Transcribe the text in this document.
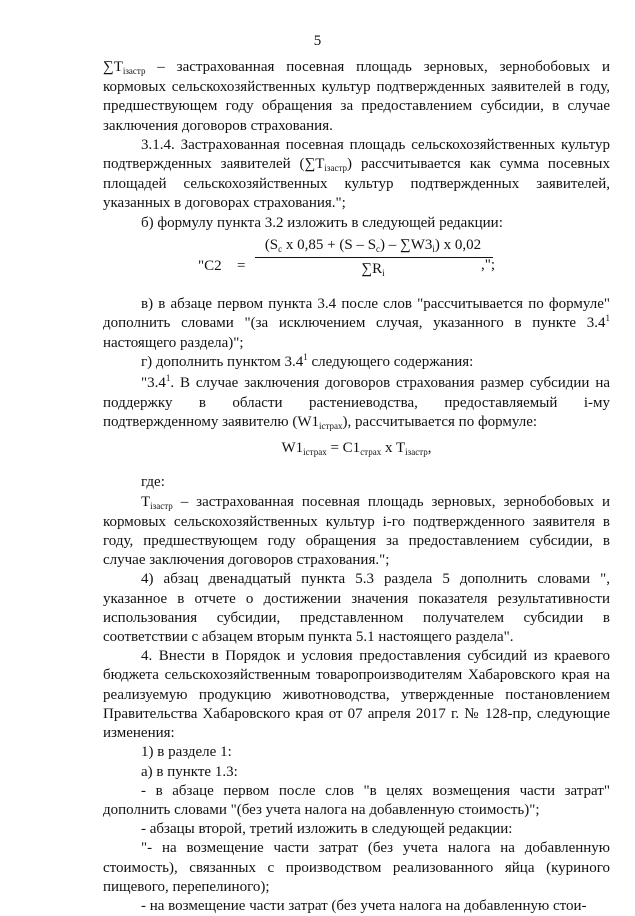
5

$\sum T_{iзастр}$ – застрахованная посевная площадь зерновых, зернобобовых и кормовых сельскохозяйственных культур подтвержденных заявителей в году, предшествующем году обращения за предоставлением субсидии, в случае заключения договоров страхования.

3.1.4. Застрахованная посевная площадь сельскохозяйственных культур подтвержденных заявителей $(\sum T_{iзастр})$ рассчитывается как сумма посевных площадей сельскохозяйственных культур подтвержденных заявителей, указанных в договорах страхования.";

б) формулу пункта 3.2 изложить в следующей редакции:

"C2 =
($S_c$ x $0,85 + (S - S_c) - \sum W3_i$) x 0,02
$\sum R_i$	,";

в) в абзаце первом пункта 3.4 после слов "рассчитывается по формуле" дополнить словами "(за исключением случая, указанного в пункте $3.4^1$ настоящего раздела)";

г) дополнить пунктом $3.4^1$ следующего содержания:

"$3.4^1$. В случае заключения договоров страхования размер субсидии на поддержку в области растениеводства, предоставляемый i-му подтвержденному заявителю $(W1_{iстрах})$, рассчитывается по формуле:

$W1_{iстрах} = C1_{страх}$ x $T_{iзастр}$,

где:

$T_{iзастр}$ – застрахованная посевная площадь зерновых, зернобобовых и кормовых сельскохозяйственных культур i-го подтвержденного заявителя в году, предшествующем году обращения за предоставлением субсидии, в случае заключения договоров страхования.";

4) абзац двенадцатый пункта 5.3 раздела 5 дополнить словами ", указанное в отчете о достижении значения показателя результативности использования субсидии, представленном получателем субсидии в соответствии с абзацем вторым пункта 5.1 настоящего раздела".

4. Внести в Порядок и условия предоставления субсидий из краевого бюджета сельскохозяйственным товаропроизводителям Хабаровского края на реализуемую продукцию животноводства, утвержденные постановлением Правительства Хабаровского края от 07 апреля 2017 г. № 128-пр, следующие изменения:

1) в разделе 1:

а) в пункте 1.3:

- в абзаце первом после слов "в целях возмещения части затрат" дополнить словами "(без учета налога на добавленную стоимость)";

- абзацы второй, третий изложить в следующей редакции:

"- на возмещение части затрат (без учета налога на добавленную стоимость), связанных с производством реализованного яйца (куриного пищевого, перепелиного);

- на возмещение части затрат (без учета налога на добавленную стои-
